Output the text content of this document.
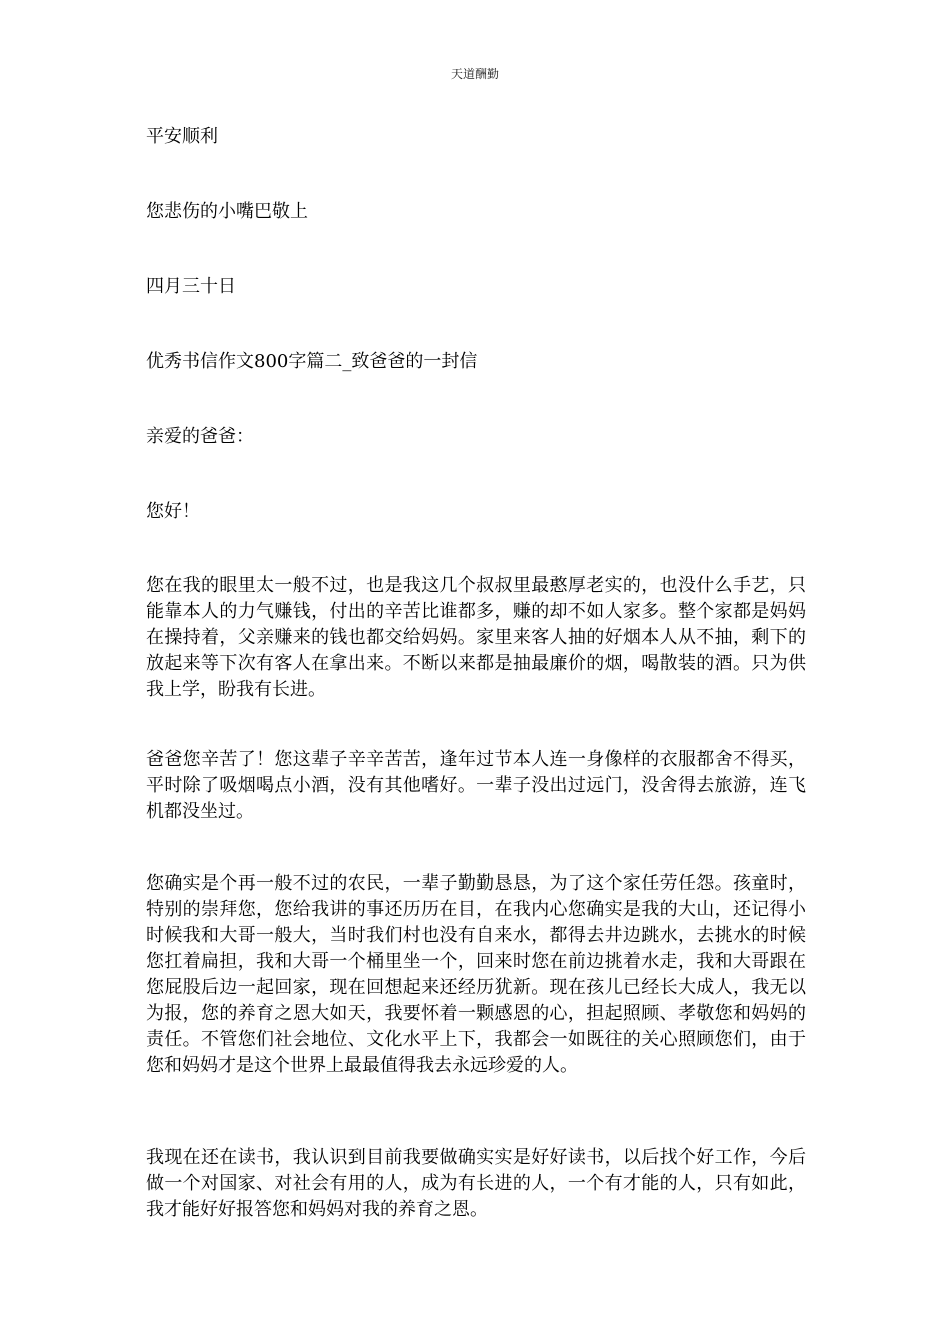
天道酬勤
平安顺利
您悲伤的小嘴巴敬上
四月三十日
优秀书信作文800字篇二_致爸爸的一封信
亲爱的爸爸：
您好！
您在我的眼里太一般不过，也是我这几个叔叔里最憨厚老实的，也没什么手艺，只能靠本人的力气赚钱，付出的辛苦比谁都多，赚的却不如人家多。整个家都是妈妈在操持着，父亲赚来的钱也都交给妈妈。家里来客人抽的好烟本人从不抽，剩下的放起来等下次有客人在拿出来。不断以来都是抽最廉价的烟，喝散装的酒。只为供我上学，盼我有长进。
爸爸您辛苦了！您这辈子辛辛苦苦，逢年过节本人连一身像样的衣服都舍不得买，平时除了吸烟喝点小酒，没有其他嗜好。一辈子没出过远门，没舍得去旅游，连飞机都没坐过。
您确实是个再一般不过的农民，一辈子勤勤恳恳，为了这个家任劳任怨。孩童时，特别的崇拜您，您给我讲的事还历历在目，在我内心您确实是我的大山，还记得小时候我和大哥一般大，当时我们村也没有自来水，都得去井边跳水，去挑水的时候您扛着扁担，我和大哥一个桶里坐一个，回来时您在前边挑着水走，我和大哥跟在您屁股后边一起回家，现在回想起来还经历犹新。现在孩儿已经长大成人，我无以为报，您的养育之恩大如天，我要怀着一颗感恩的心，担起照顾、孝敬您和妈妈的责任。不管您们社会地位、文化水平上下，我都会一如既往的关心照顾您们，由于您和妈妈才是这个世界上最最值得我去永远珍爱的人。
我现在还在读书，我认识到目前我要做确实实是好好读书，以后找个好工作，今后做一个对国家、对社会有用的人，成为有长进的人，一个有才能的人，只有如此，我才能好好报答您和妈妈对我的养育之恩。
